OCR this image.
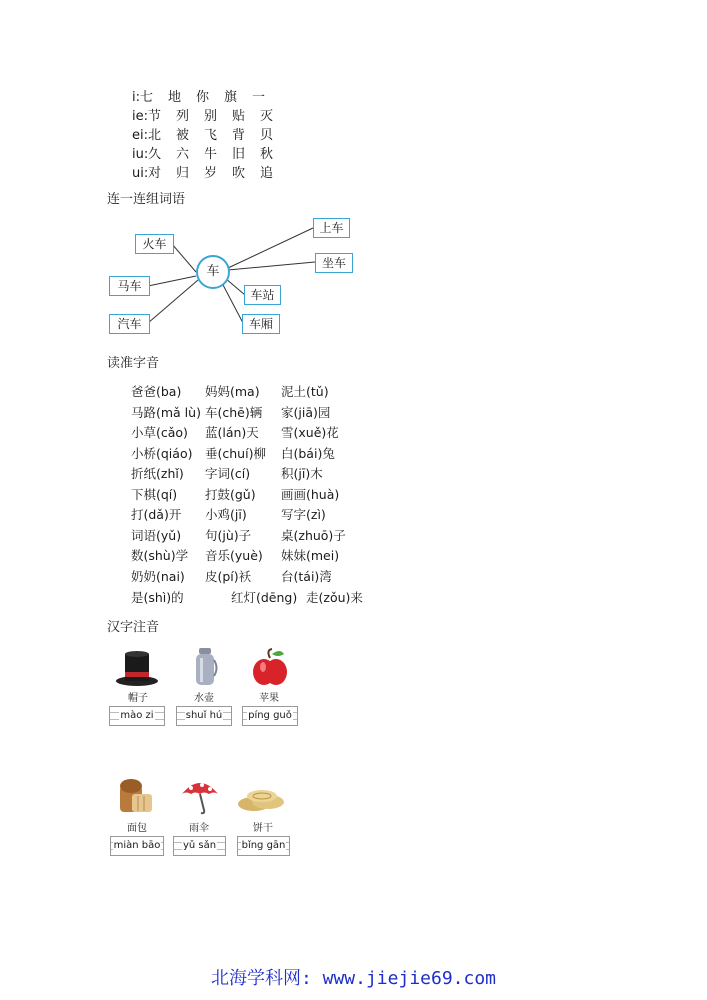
i:七 地 你 旗 一
ie:节 列 别 贴 灭
ei:北 被 飞 背 贝
iu:久 六 牛 旧 秋
ui:对 归 岁 吹 追
连一连组词语
火车
马车
汽车
车
上车
坐车
车站
车厢
读准字音
爸爸(ba) 妈妈(ma) 泥土(tǔ)
马路(mǎ lù) 车(chē)辆 家(jiā)园
小草(cǎo) 蓝(lán)天 雪(xuě)花
小桥(qiáo) 垂(chuí)柳 白(bái)兔
折纸(zhǐ) 字词(cí) 积(jī)木
下棋(qí) 打鼓(gǔ) 画画(huà)
打(dǎ)开 小鸡(jī)	写字(zì)
词语(yǔ) 句(jù)子 桌(zhuō)子
数(shù)学 音乐(yuè) 妹妹(mei)
奶奶(nai) 皮(pí)袄 台(tái)湾
是(shì)的	红灯(dēng) 走(zǒu)来
汉字注音
帽子	水壶	苹果
mào zi	shuǐ hú	píng guǒ
面包	雨伞	饼干
miàn bāo	yǔ sǎn	bǐng gān
北海学科网: www.jiejie69.com
